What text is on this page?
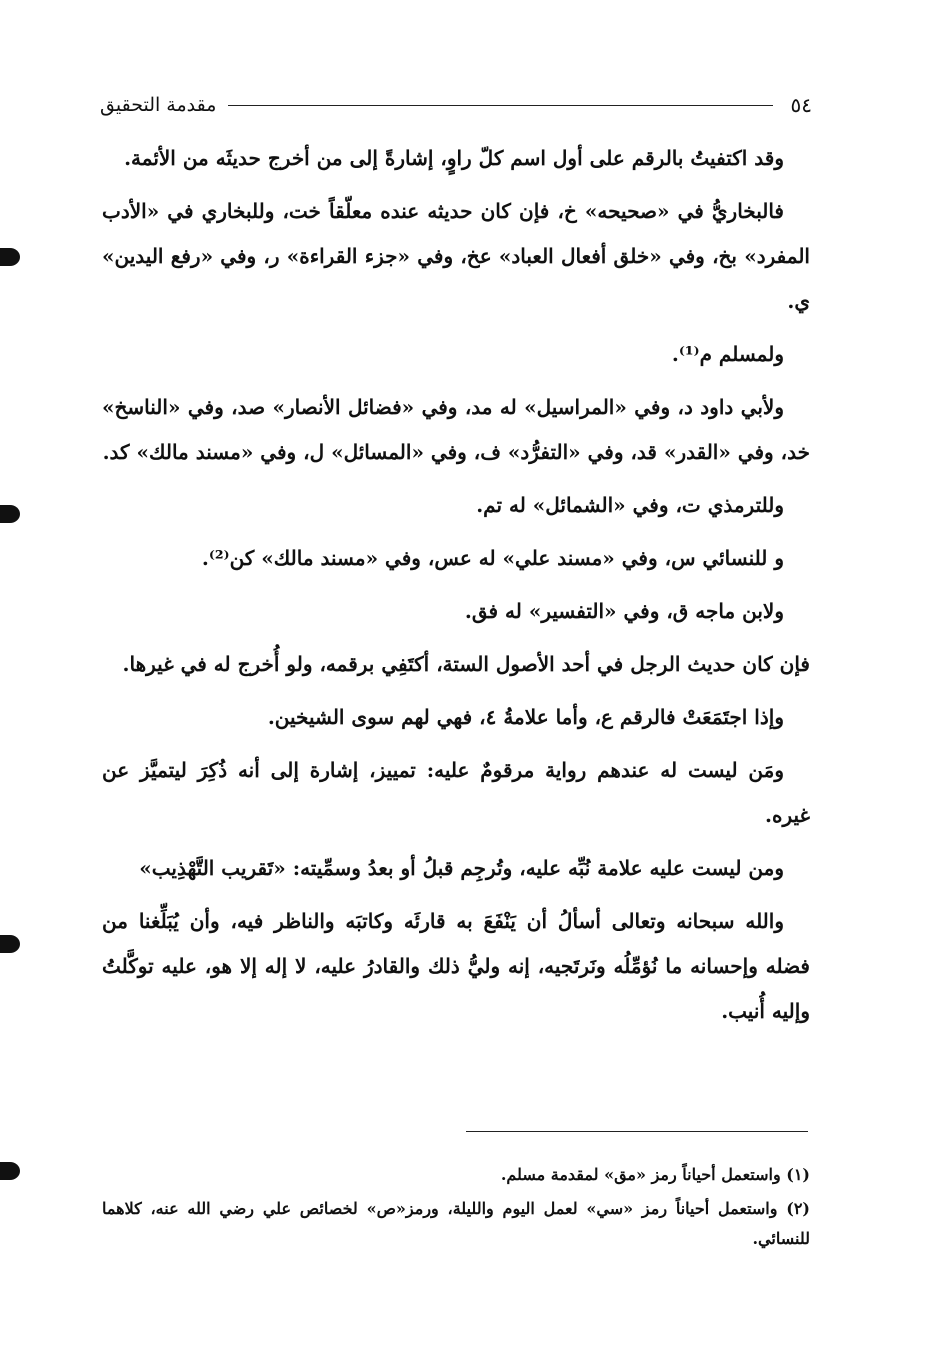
٥٤
مقدمة التحقيق

وقد اكتفيتُ بالرقم على أول اسم كلّ راوٍ، إشارةً إلى من أخرج حديثَه من الأئمة.

فالبخاريُّ في «صحيحه» خ، فإن كان حديثه عنده معلّقاً خت، وللبخاري في «الأدب المفرد» بخ، وفي «خلق أفعال العباد» عخ، وفي «جزء القراءة» ر، وفي «رفع اليدين» ي.

ولمسلم م⁽¹⁾.

ولأبي داود د، وفي «المراسيل» له مد، وفي «فضائل الأنصار» صد، وفي «الناسخ» خد، وفي «القدر» قد، وفي «التفرُّد» ف، وفي «المسائل» ل، وفي «مسند مالك» كد.

وللترمذي ت، وفي «الشمائل» له تم.

و للنسائي س، وفي «مسند علي» له عس، وفي «مسند مالك» كن⁽²⁾.

ولابن ماجه ق، وفي «التفسير» له فق.

فإن كان حديث الرجل في أحد الأصول الستة، أكتَفِي برقمه، ولو أُخرج له في غيرها.

وإذا اجتَمَعَتْ فالرقم ع، وأما علامةُ ٤، فهي لهم سوى الشيخين.

ومَن ليست له عندهم رواية مرقومٌ عليه: تمييز، إشارة إلى أنه ذُكِرَ ليتميَّز عن غيره.

ومن ليست عليه علامة نُبِّه عليه، وتُرجِم قبلُ أو بعدُ وسمِّيته: «تَقريب التَّهْذِيب»

والله سبحانه وتعالى أسألُ أن يَنْفَعَ به قارئَه وكاتبَه والناظر فيه، وأن يُبَلِّغنا من فضله وإحسانه ما نُؤمِّلُه ونَرتَجيه، إنه وليُّ ذلك والقادرُ عليه، لا إله إلا هو، عليه توكَّلتُ وإليه أُنيب.

(١) واستعمل أحياناً رمز «مق» لمقدمة مسلم.

(٢) واستعمل أحياناً رمز «سي» لعمل اليوم والليلة، ورمز«ص» لخصائص علي رضي الله عنه، كلاهما للنسائي.
